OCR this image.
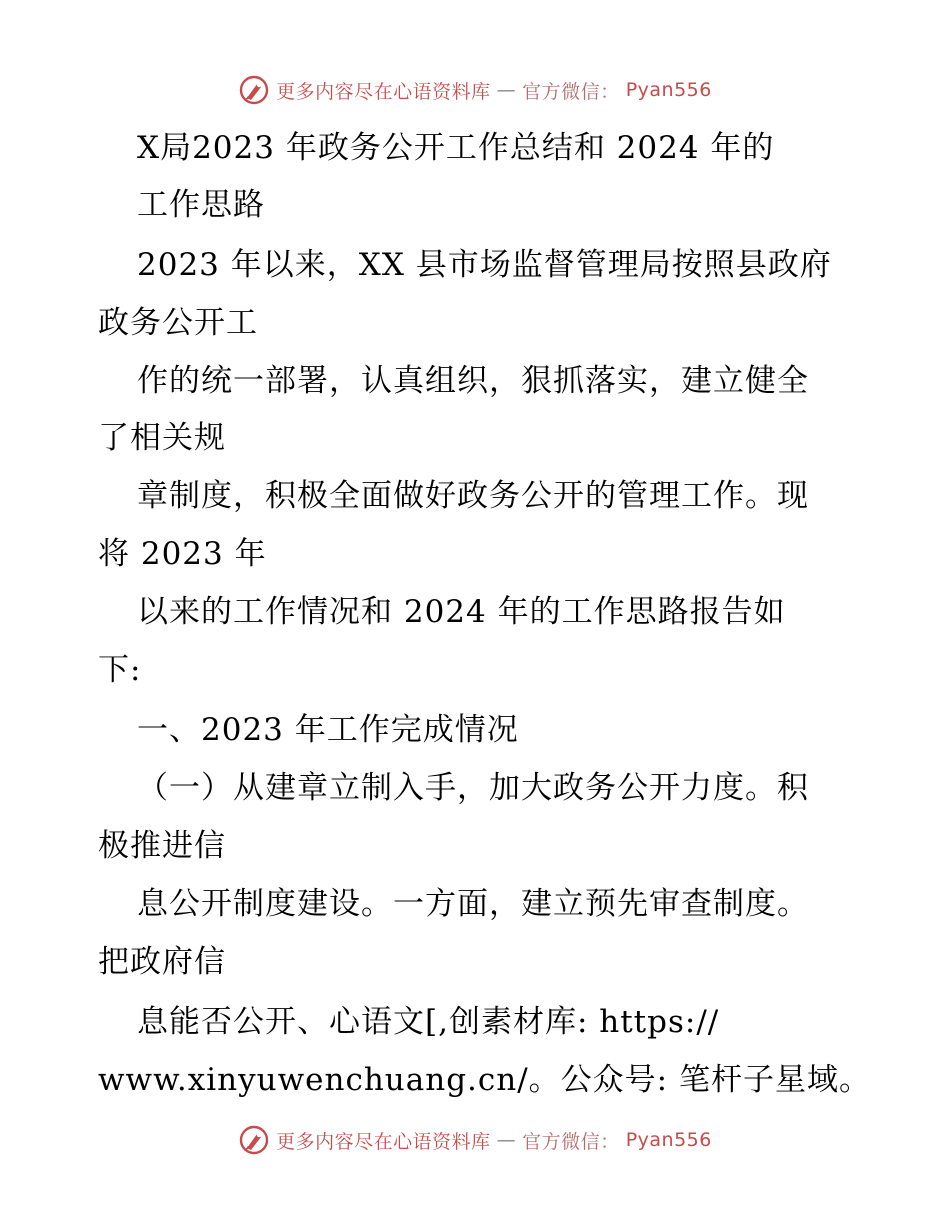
更多内容尽在心语资料库 — 官方微信： Pyan556
X局2023 年政务公开工作总结和 2024 年的
工作思路
2023 年以来，XX 县市场监督管理局按照县政府
政务公开工
作的统一部署，认真组织，狠抓落实，建立健全
了相关规
章制度，积极全面做好政务公开的管理工作。现
将 2023 年
以来的工作情况和 2024 年的工作思路报告如
下:
一、2023 年工作完成情况
（一）从建章立制入手，加大政务公开力度。积
极推进信
息公开制度建设。一方面，建立预先审查制度。
把政府信
息能否公开、心语文[,创素材库: https://
www.xinyuwenchuang.cn/。公众号: 笔杆子星域。
更多内容尽在心语资料库 — 官方微信： Pyan556
